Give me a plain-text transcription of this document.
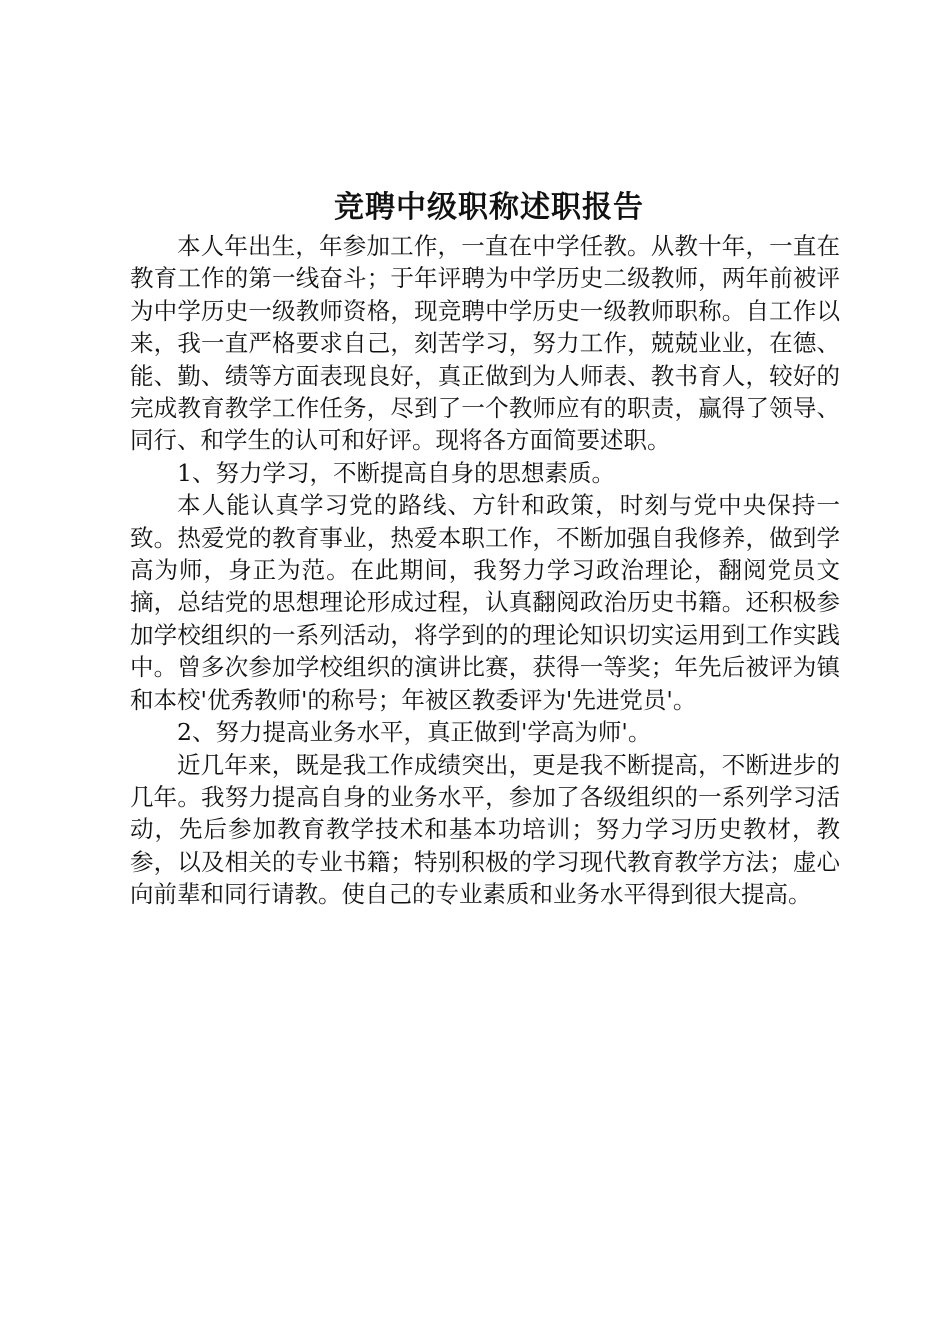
竞聘中级职称述职报告

本人年出生，年参加工作，一直在中学任教。从教十年，一直在教育工作的第一线奋斗；于年评聘为中学历史二级教师，两年前被评为中学历史一级教师资格，现竞聘中学历史一级教师职称。自工作以来，我一直严格要求自己，刻苦学习，努力工作，兢兢业业，在德、能、勤、绩等方面表现良好，真正做到为人师表、教书育人，较好的完成教育教学工作任务，尽到了一个教师应有的职责，赢得了领导、同行、和学生的认可和好评。现将各方面简要述职。

1、努力学习，不断提高自身的思想素质。

本人能认真学习党的路线、方针和政策，时刻与党中央保持一致。热爱党的教育事业，热爱本职工作，不断加强自我修养，做到学高为师，身正为范。在此期间，我努力学习政治理论，翻阅党员文摘，总结党的思想理论形成过程，认真翻阅政治历史书籍。还积极参加学校组织的一系列活动，将学到的的理论知识切实运用到工作实践中。曾多次参加学校组织的演讲比赛，获得一等奖；年先后被评为镇和本校'优秀教师'的称号；年被区教委评为'先进党员'。

2、努力提高业务水平，真正做到'学高为师'。

近几年来，既是我工作成绩突出，更是我不断提高，不断进步的几年。我努力提高自身的业务水平，参加了各级组织的一系列学习活动，先后参加教育教学技术和基本功培训；努力学习历史教材，教参，以及相关的专业书籍；特别积极的学习现代教育教学方法；虚心向前辈和同行请教。使自己的专业素质和业务水平得到很大提高。
